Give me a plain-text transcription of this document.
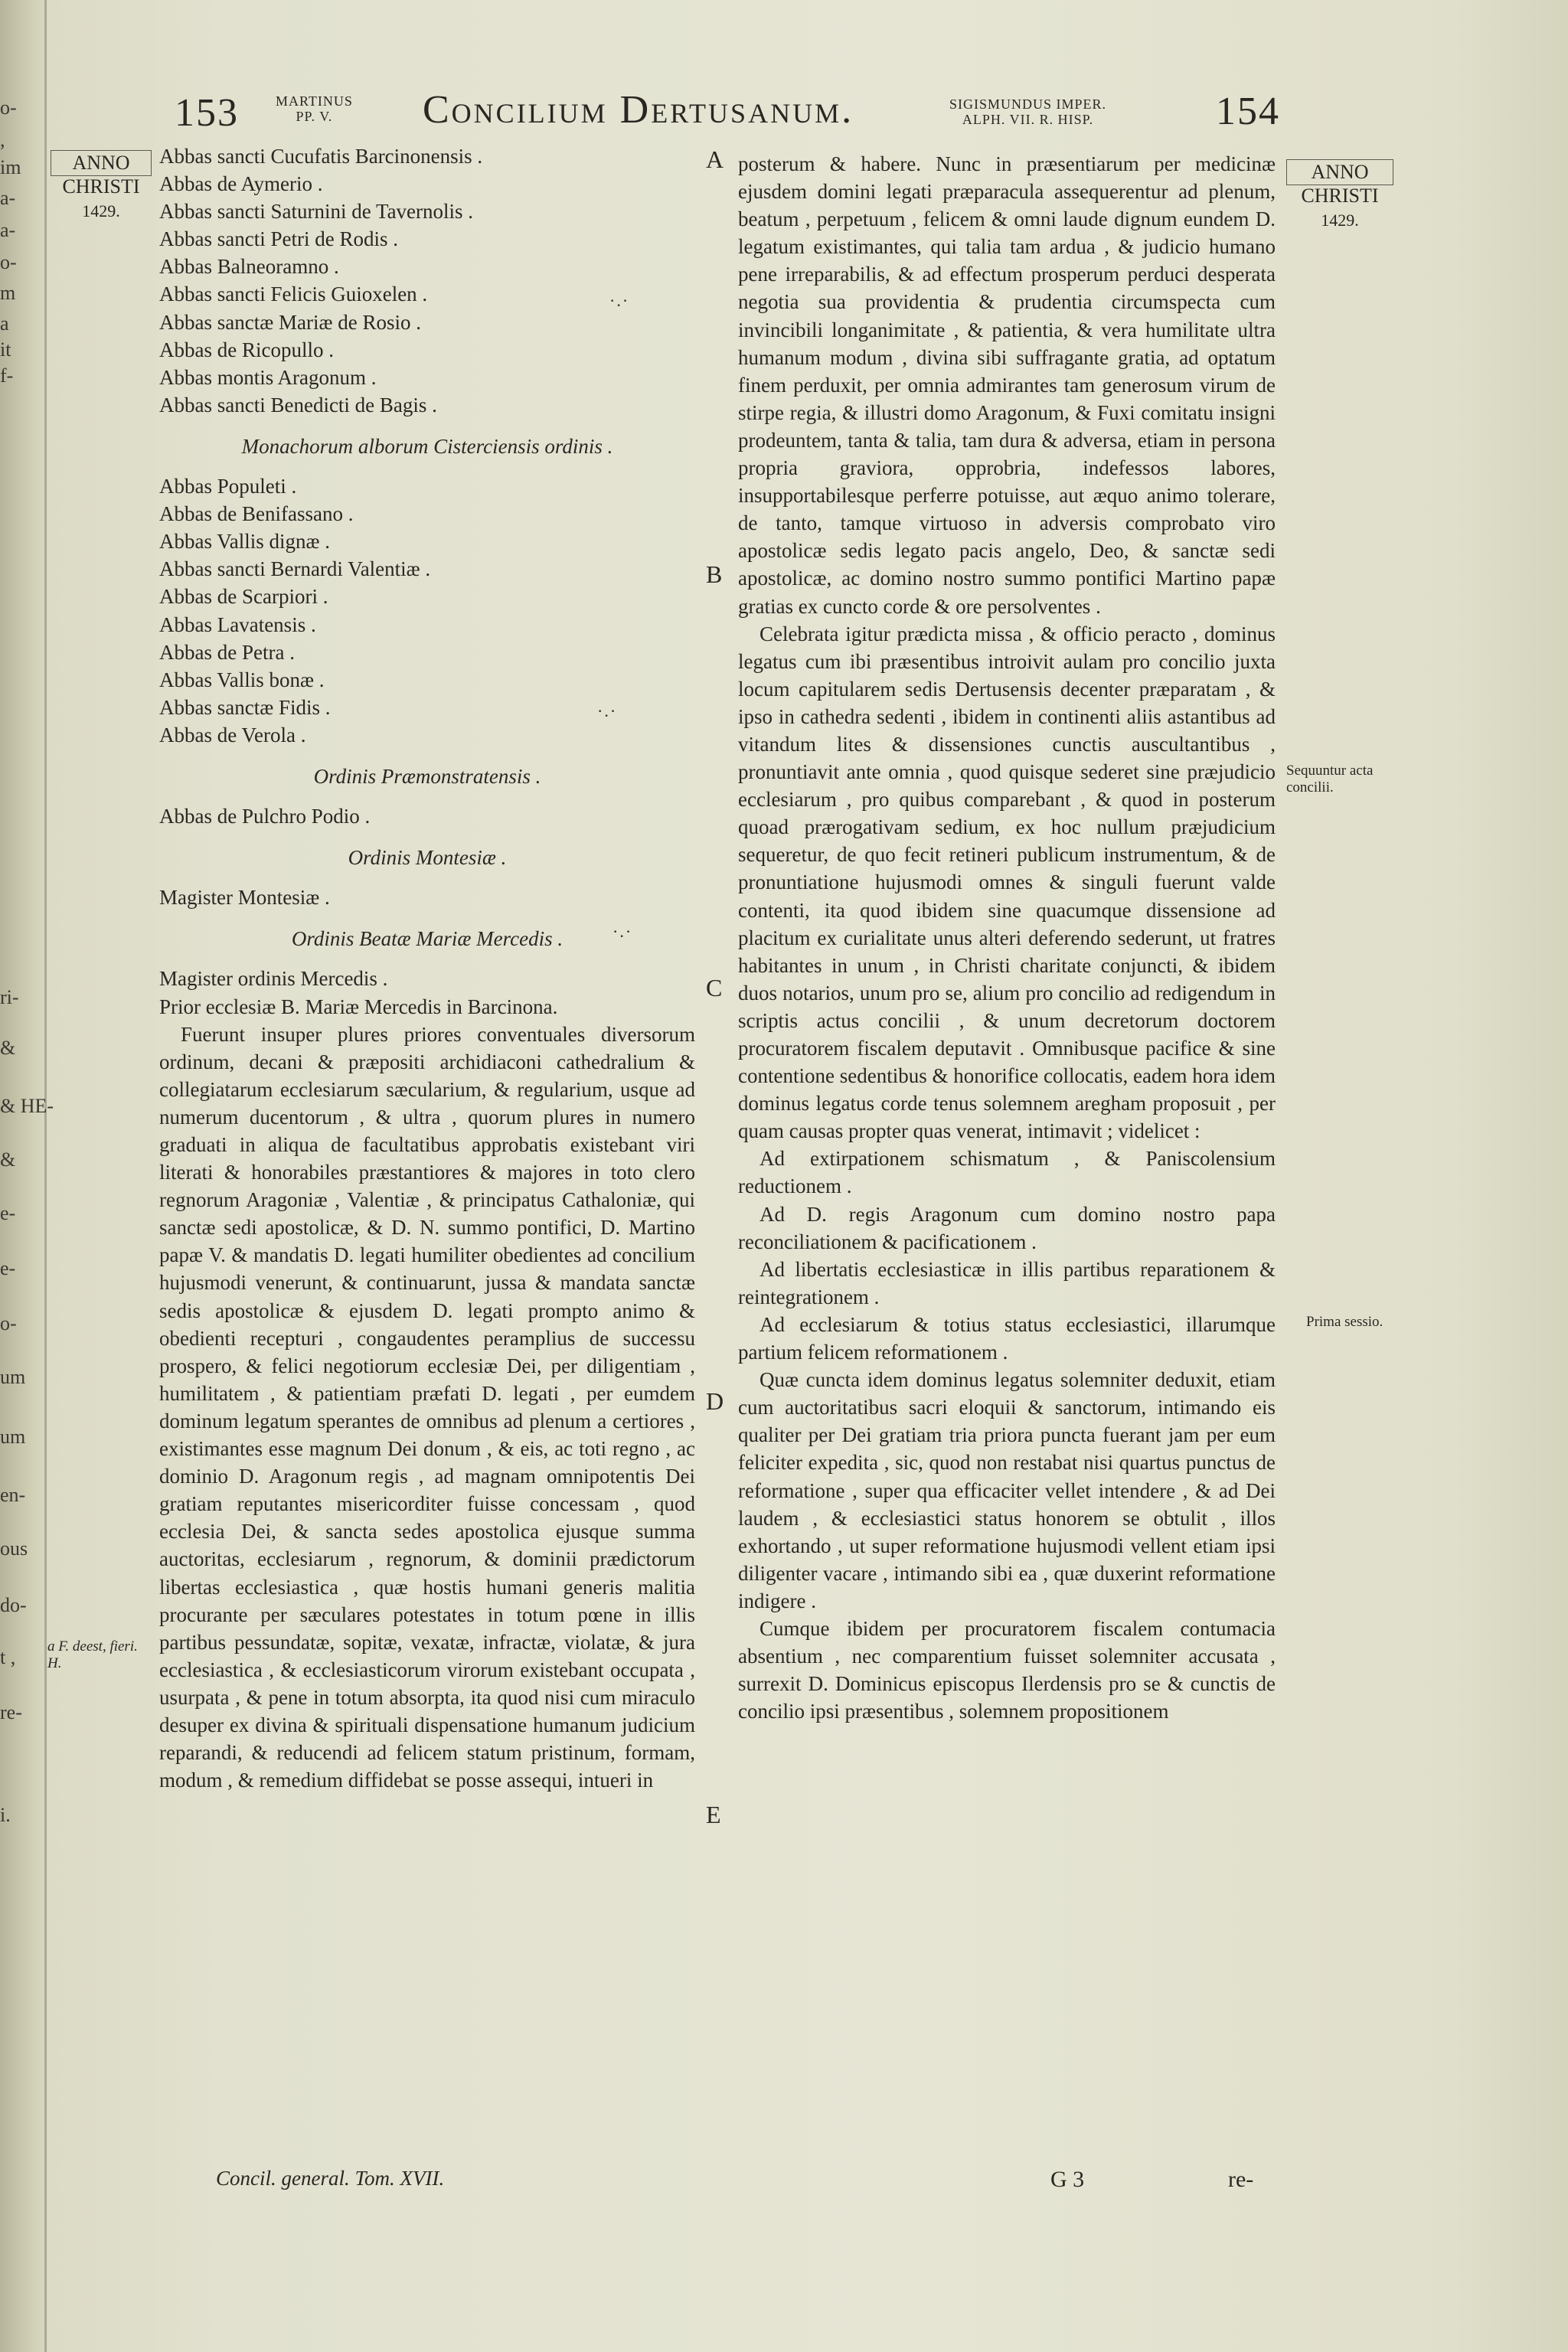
o-
,
im
a-
a-
o-
m
a
it
f-
ri-
&
& HE-
&
e-
e-
o-
um
um
en-
ous
do-
t ,
re-
i.
153	MARTINUS
PP. V.	Concilium Dertusanum.	SIGISMUNDUS IMPER.
ALPH. VII. R. HISP.	154
ANNO
CHRISTI
1429.
a F. deest, fieri. H.
ANNO
CHRISTI
1429.
Sequuntur acta concilii.
Prima sessio.
A
B
C
D
E
·.·
·.·
·.·

Abbas sancti Cucufatis Barcinonensis .

Abbas de Aymerio .

Abbas sancti Saturnini de Tavernolis .

Abbas sancti Petri de Rodis .

Abbas Balneoramno .

Abbas sancti Felicis Guioxelen .

Abbas sanctæ Mariæ de Rosio .

Abbas de Ricopullo .

Abbas montis Aragonum .

Abbas sancti Benedicti de Bagis .

Monachorum alborum Cisterciensis ordinis .

Abbas Populeti .

Abbas de Benifassano .

Abbas Vallis dignæ .

Abbas sancti Bernardi Valentiæ .

Abbas de Scarpiori .

Abbas Lavatensis .

Abbas de Petra .

Abbas Vallis bonæ .

Abbas sanctæ Fidis .

Abbas de Verola .

Ordinis Præmonstratensis .

Abbas de Pulchro Podio .

Ordinis Montesiæ .

Magister Montesiæ .

Ordinis Beatæ Mariæ Mercedis .

Magister ordinis Mercedis .

Prior ecclesiæ B. Mariæ Mercedis in Barcinona.

Fuerunt insuper plures priores conventuales diversorum ordinum, decani & præpositi archidiaconi cathedralium & collegiatarum ecclesiarum sæcularium, & regularium, usque ad numerum ducentorum , & ultra , quorum plures in numero graduati in aliqua de facultatibus approbatis existebant viri literati & honorabiles præstantiores & majores in toto clero regnorum Aragoniæ , Valentiæ , & principatus Cathaloniæ, qui sanctæ sedi apostolicæ, & D. N. summo pontifici, D. Martino papæ V. & mandatis D. legati humiliter obedientes ad concilium hujusmodi venerunt, & continuarunt, jussa & mandata sanctæ sedis apostolicæ & ejusdem D. legati prompto animo & obedienti recepturi , congaudentes peramplius de successu prospero, & felici negotiorum ecclesiæ Dei, per diligentiam , humilitatem , & patientiam præfati D. legati , per eumdem dominum legatum sperantes de omnibus ad plenum a certiores , existimantes esse magnum Dei donum , & eis, ac toti regno , ac dominio D. Aragonum regis , ad magnam omnipotentis Dei gratiam reputantes misericorditer fuisse concessam , quod ecclesia Dei, & sancta sedes apostolica ejusque summa auctoritas, ecclesiarum , regnorum, & dominii prædictorum libertas ecclesiastica , quæ hostis humani generis malitia procurante per sæculares potestates in totum pœne in illis partibus pessundatæ, sopitæ, vexatæ, infractæ, violatæ, & jura ecclesiastica , & ecclesiasticorum virorum existebant occupata , usurpata , & pene in totum absorpta, ita quod nisi cum miraculo desuper ex divina & spirituali dispensatione humanum judicium reparandi, & reducendi ad felicem statum pristinum, formam, modum , & remedium diffidebat se posse assequi, intueri in

Concil. general. Tom. XVII.

posterum & habere. Nunc in præsentiarum per medicinæ ejusdem domini legati præparacula assequerentur ad plenum, beatum , perpetuum , felicem & omni laude dignum eundem D. legatum existimantes, qui talia tam ardua , & judicio humano pene irreparabilis, & ad effectum prosperum perduci desperata negotia sua providentia & prudentia circumspecta cum invincibili longanimitate , & patientia, & vera humilitate ultra humanum modum , divina sibi suffragante gratia, ad optatum finem perduxit, per omnia admirantes tam generosum virum de stirpe regia, & illustri domo Aragonum, & Fuxi comitatu insigni prodeuntem, tanta & talia, tam dura & adversa, etiam in persona propria graviora, opprobria, indefessos labores, insupportabilesque perferre potuisse, aut æquo animo tolerare, de tanto, tamque virtuoso in adversis comprobato viro apostolicæ sedis legato pacis angelo, Deo, & sanctæ sedi apostolicæ, ac domino nostro summo pontifici Martino papæ gratias ex cuncto corde & ore persolventes .

Celebrata igitur prædicta missa , & officio peracto , dominus legatus cum ibi præsentibus introivit aulam pro concilio juxta locum capitularem sedis Dertusensis decenter præparatam , & ipso in cathedra sedenti , ibidem in continenti aliis astantibus ad vitandum lites & dissensiones cunctis auscultantibus , pronuntiavit ante omnia , quod quisque sederet sine præjudicio ecclesiarum , pro quibus comparebant , & quod in posterum quoad prærogativam sedium, ex hoc nullum præjudicium sequeretur, de quo fecit retineri publicum instrumentum, & de pronuntiatione hujusmodi omnes & singuli fuerunt valde contenti, ita quod ibidem sine quacumque dissensione ad placitum ex curialitate unus alteri deferendo sederunt, ut fratres habitantes in unum , in Christi charitate conjuncti, & ibidem duos notarios, unum pro se, alium pro concilio ad redigendum in scriptis actus concilii , & unum decretorum doctorem procuratorem fiscalem deputavit . Omnibusque pacifice & sine contentione sedentibus & honorifice collocatis, eadem hora idem dominus legatus corde tenus solemnem aregham proposuit , per quam causas propter quas venerat, intimavit ; videlicet :

Ad extirpationem schismatum , & Paniscolensium reductionem .

Ad D. regis Aragonum cum domino nostro papa reconciliationem & pacificationem .

Ad libertatis ecclesiasticæ in illis partibus reparationem & reintegrationem .

Ad ecclesiarum & totius status ecclesiastici, illarumque partium felicem reformationem .

Quæ cuncta idem dominus legatus solemniter deduxit, etiam cum auctoritatibus sacri eloquii & sanctorum, intimando eis qualiter per Dei gratiam tria priora puncta fuerant jam per eum feliciter expedita , sic, quod non restabat nisi quartus punctus de reformatione , super qua efficaciter vellet intendere , & ad Dei laudem , & ecclesiastici status honorem se obtulit , illos exhortando , ut super reformatione hujusmodi vellent etiam ipsi diligenter vacare , intimando sibi ea , quæ duxerint reformatione indigere .

Cumque ibidem per procuratorem fiscalem contumacia absentium , nec comparentium fuisset solemniter accusata , surrexit D. Dominicus episcopus Ilerdensis pro se & cunctis de concilio ipsi præsentibus , solemnem propositionem

G 3	re-
